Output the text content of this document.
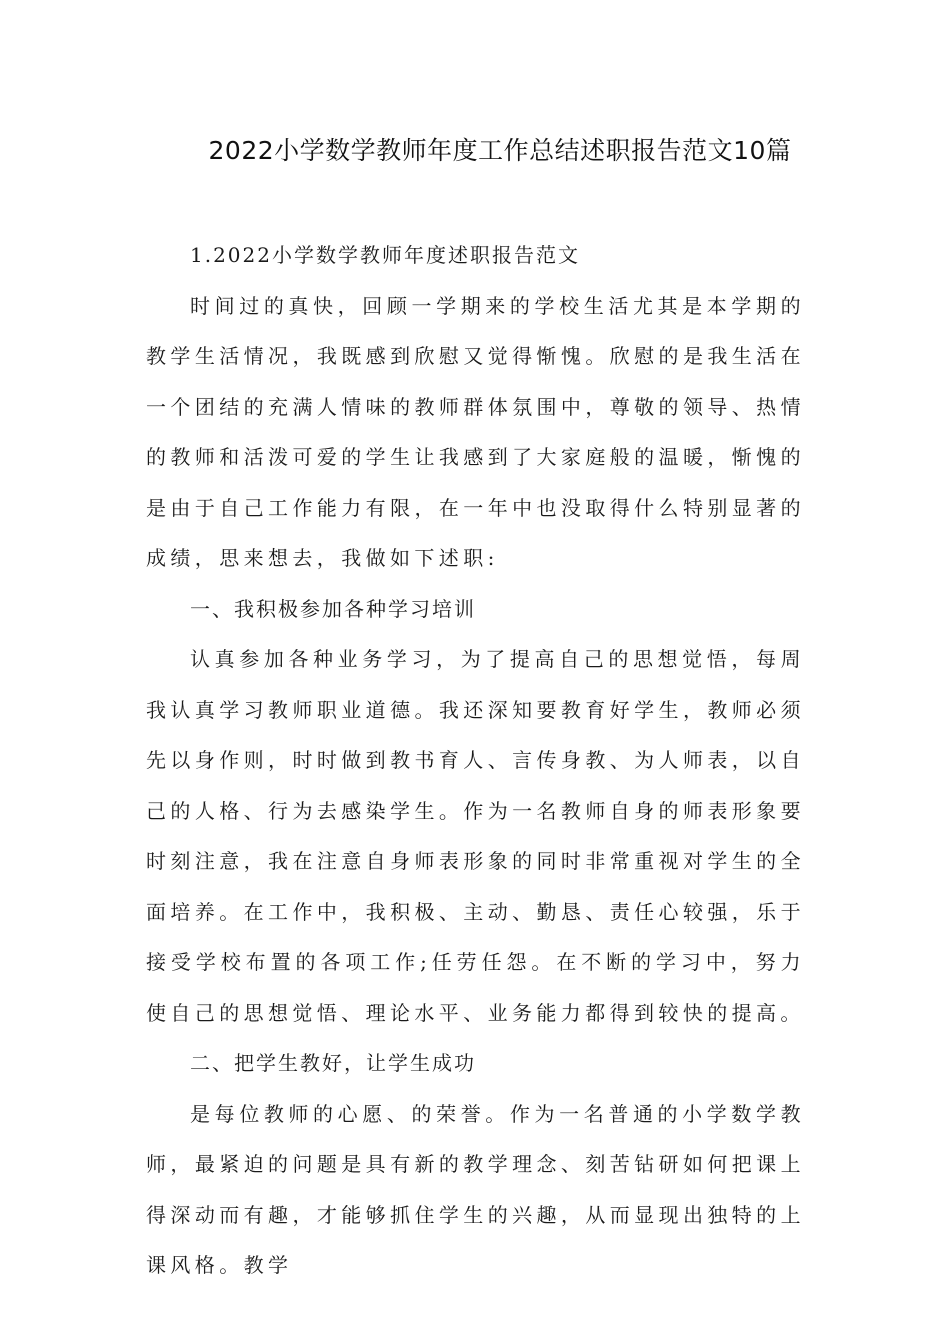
2022小学数学教师年度工作总结述职报告范文10篇

1.2022小学数学教师年度述职报告范文

时间过的真快，回顾一学期来的学校生活尤其是本学期的教学生活情况，我既感到欣慰又觉得惭愧。欣慰的是我生活在一个团结的充满人情味的教师群体氛围中，尊敬的领导、热情的教师和活泼可爱的学生让我感到了大家庭般的温暖，惭愧的是由于自己工作能力有限，在一年中也没取得什么特别显著的成绩，思来想去，我做如下述职:

一、我积极参加各种学习培训

认真参加各种业务学习，为了提高自己的思想觉悟，每周我认真学习教师职业道德。我还深知要教育好学生，教师必须先以身作则，时时做到教书育人、言传身教、为人师表，以自己的人格、行为去感染学生。作为一名教师自身的师表形象要时刻注意，我在注意自身师表形象的同时非常重视对学生的全面培养。在工作中，我积极、主动、勤恳、责任心较强，乐于接受学校布置的各项工作;任劳任怨。在不断的学习中，努力使自己的思想觉悟、理论水平、业务能力都得到较快的提高。

二、把学生教好，让学生成功

是每位教师的心愿、的荣誉。作为一名普通的小学数学教师，最紧迫的问题是具有新的教学理念、刻苦钻研如何把课上得深动而有趣，才能够抓住学生的兴趣，从而显现出独特的上课风格。教学
